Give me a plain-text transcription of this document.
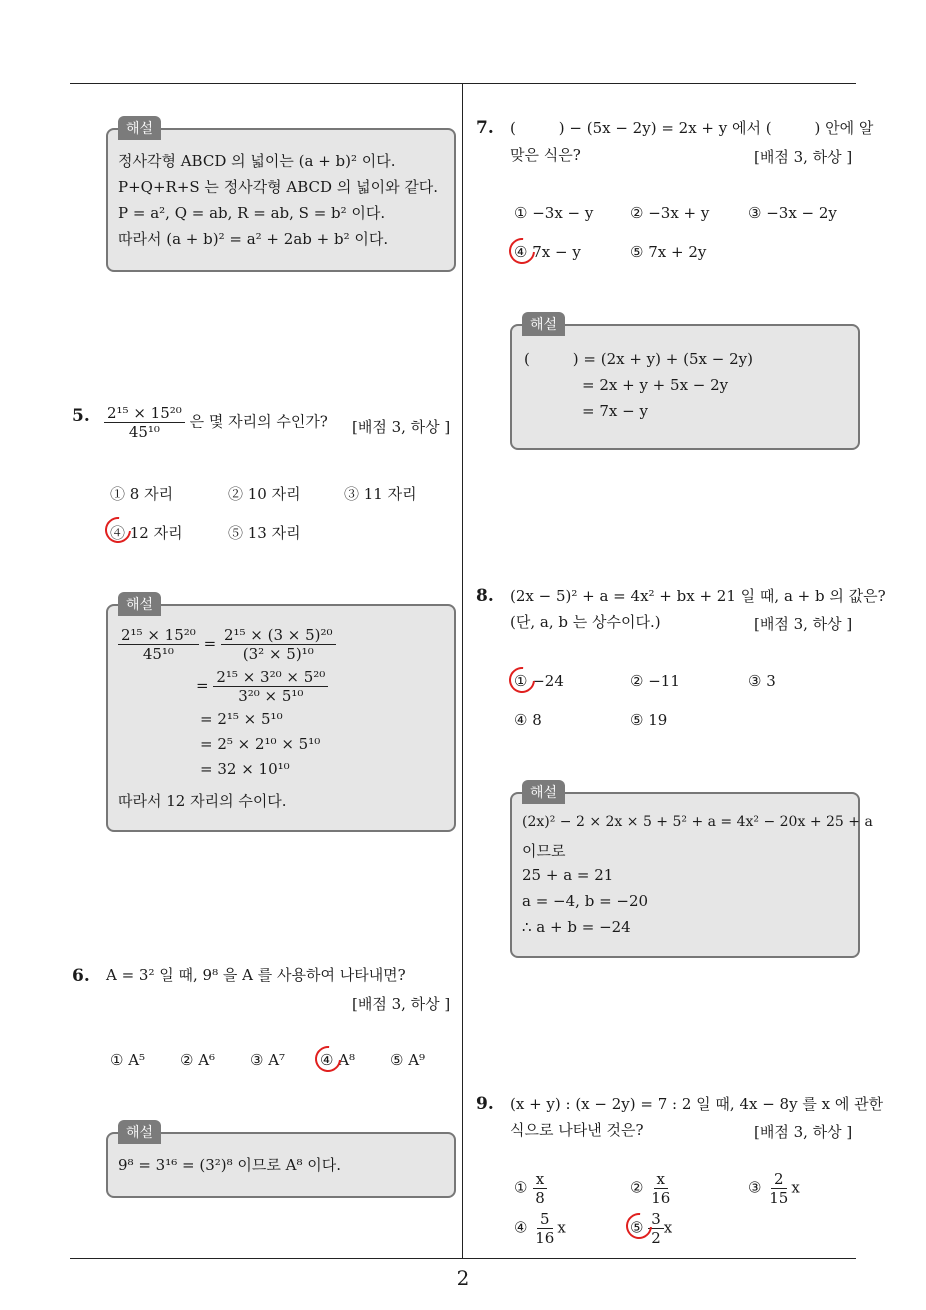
해설
정사각형 ABCD 의 넓이는 (a + b)² 이다.
P+Q+R+S 는 정사각형 ABCD 의 넓이와 같다.
P = a², Q = ab, R = ab, S = b² 이다.
따라서 (a + b)² = a² + 2ab + b² 이다.
5. $\frac{\text{2¹⁵ × 15²⁰}}{\text{45¹⁰}}$ 은 몇 자리의 수인가? [배점 3, 하상 ]
① 8 자리	② 10 자리	③ 11 자리
④ 12 자리	⑤ 13 자리
해설
$\frac{\text{2¹⁵ × 15²⁰}}{\text{45¹⁰}} = \frac{\text{2¹⁵ × (3 × 5)²⁰}}{\text{(3² × 5)¹⁰}}$
= $\frac{\text{2¹⁵ × 3²⁰ × 5²⁰}}{\text{3²⁰ × 5¹⁰}}$
= 2¹⁵ × 5¹⁰
= 2⁵ × 2¹⁰ × 5¹⁰
= 32 × 10¹⁰
따라서 12 자리의 수이다.
6. A = 3² 일 때, 9⁸ 을 A 를 사용하여 나타내면?
[배점 3, 하상 ]
① A⁵ ② A⁶ ③ A⁷ ④ A⁸ ⑤ A⁹
해설
9⁸ = 3¹⁶ = (3²)⁸ 이므로 A⁸ 이다.
7. (         ) − (5x − 2y) = 2x + y 에서 (         ) 안에 알
맞은 식은?	[배점 3, 하상 ]
① −3x − y ② −3x + y	③ −3x − 2y
④ 7x − y	⑤ 7x + 2y
해설
(         ) = (2x + y) + (5x − 2y)
= 2x + y + 5x − 2y
= 7x − y
8. (2x − 5)² + a = 4x² + bx + 21 일 때, a + b 의 값은?
(단, a, b 는 상수이다.)	[배점 3, 하상 ]
① −24	② −11	③ 3
④ 8	⑤ 19
해설
(2x)² − 2 × 2x × 5 + 5² + a = 4x² − 20x + 25 + a
이므로
25 + a = 21
a = −4, b = −20
∴ a + b = −24
9. (x + y) : (x − 2y) = 7 : 2 일 때, 4x − 8y 를 x 에 관한
식으로 나타낸 것은?	[배점 3, 하상 ]
① $\frac{x}{8}$	② $\frac{x}{16}$	③ $\frac{2}{15}$ x
④ $\frac{5}{16}$ x	⑤ $\frac{3}{2}$ x
2
